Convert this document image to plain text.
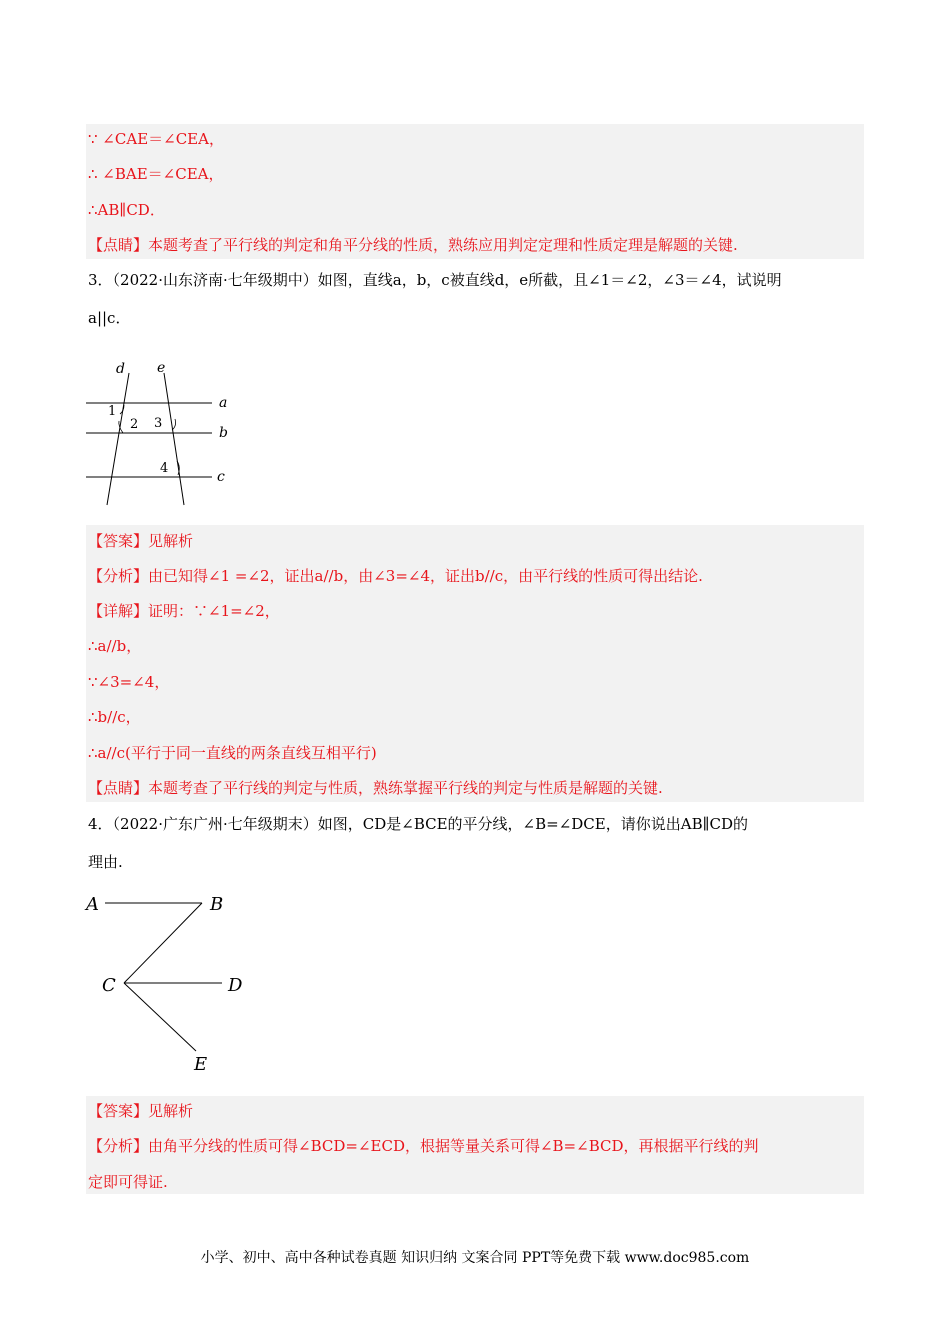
∵ ∠CAE＝∠CEA，
∴ ∠BAE＝∠CEA，
∴AB∥CD．
【点睛】本题考查了平行线的判定和角平分线的性质，熟练应用判定定理和性质定理是解题的关键.
3．（2022·山东济南·七年级期中）如图，直线a，b，c被直线d，e所截，且∠1＝∠2，∠3＝∠4，试说明
a||c．
d e
a
b
c
1
2 3
4
【答案】见解析
【分析】由已知得∠1 =∠2，证出a//b，由∠3=∠4，证出b//c，由平行线的性质可得出结论.
【详解】证明：∵∠1=∠2，
∴a//b，
∵∠3=∠4，
∴b//c，
∴a//c(平行于同一直线的两条直线互相平行)
【点睛】本题考查了平行线的判定与性质，熟练掌握平行线的判定与性质是解题的关键.
4．（2022·广东广州·七年级期末）如图，CD是∠BCE的平分线，∠B=∠DCE，请你说出AB∥CD的
理由.
A	B
C	D
E
【答案】见解析
【分析】由角平分线的性质可得∠BCD=∠ECD，根据等量关系可得∠B=∠BCD，再根据平行线的判
定即可得证.
小学、初中、高中各种试卷真题 知识归纳 文案合同 PPT等免费下载 www.doc985.com
